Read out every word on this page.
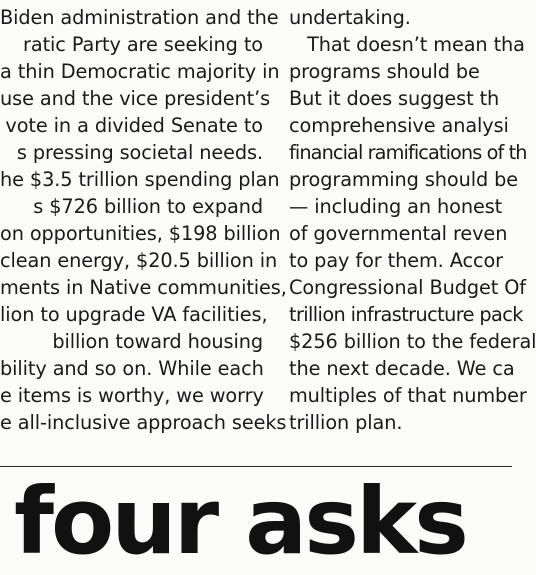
Biden administration and the
ratic Party are seeking to
a thin Democratic majority in
use and the vice president’s
vote in a divided Senate to
s pressing societal needs.
he $3.5 trillion spending plan
s $726 billion to expand
on opportunities, $198 billion
clean energy, $20.5 billion in
ments in Native communities,
lion to upgrade VA facilities,
billion toward housing
bility and so on. While each
e items is worthy, we worry
e all-inclusive approach seeks
undertaking.
That doesn’t mean tha
programs should be
But it does suggest th
comprehensive analysi
financial ramifications of th
programming should be
— including an honest
of governmental reven
to pay for them. Accor
Congressional Budget Of
trillion infrastructure pack
$256 billion to the federal
the next decade. We ca
multiples of that number
trillion plan.
four asks
